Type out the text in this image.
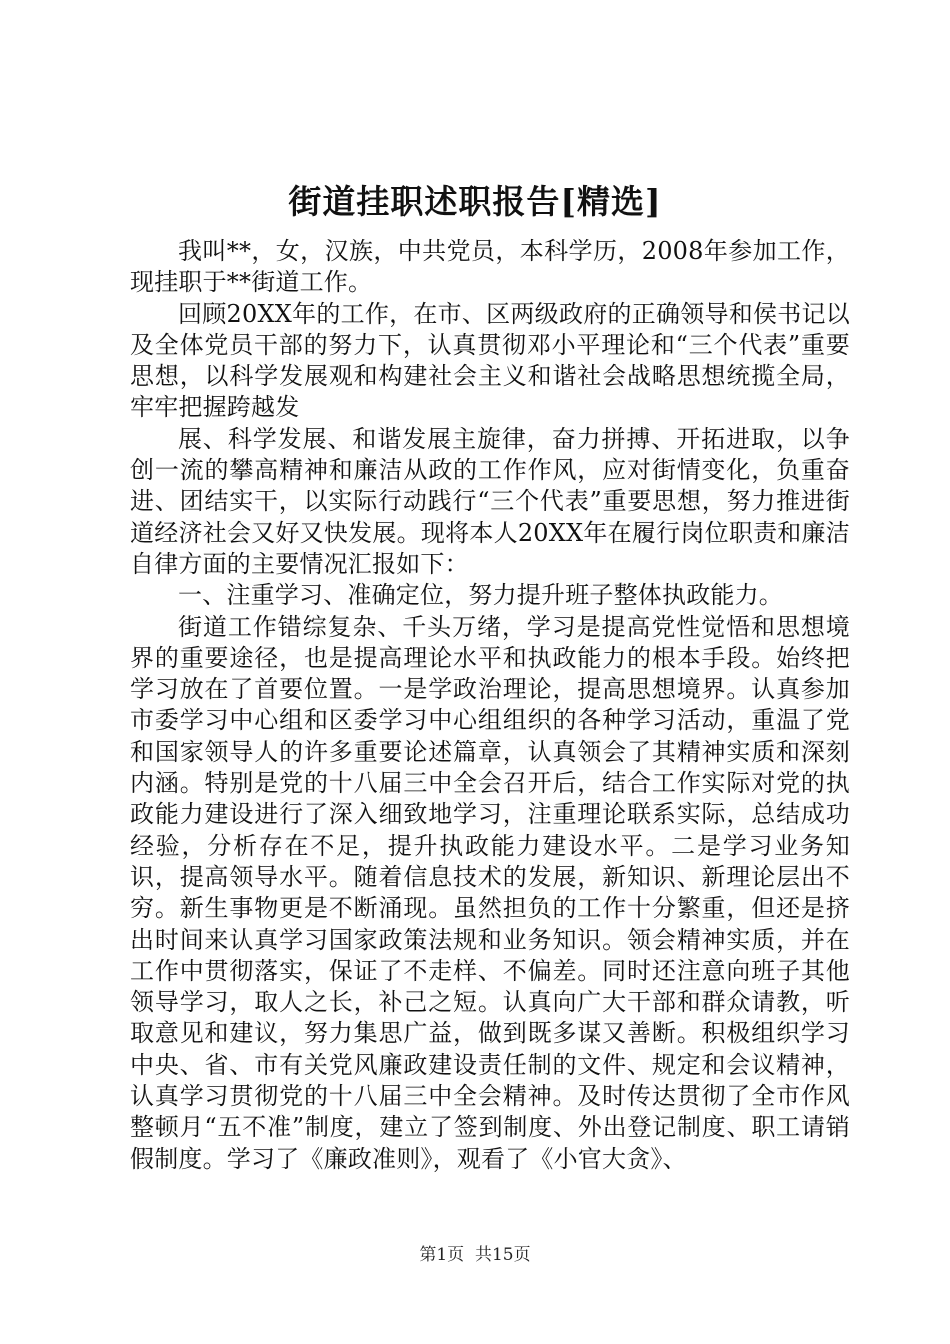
街道挂职述职报告[精选]

我叫**，女，汉族，中共党员，本科学历，2008年参加工作，现挂职于**街道工作。

回顾20XX年的工作，在市、区两级政府的正确领导和侯书记以及全体党员干部的努力下，认真贯彻邓小平理论和“三个代表”重要思想，以科学发展观和构建社会主义和谐社会战略思想统揽全局，牢牢把握跨越发

展、科学发展、和谐发展主旋律，奋力拼搏、开拓进取，以争创一流的攀高精神和廉洁从政的工作作风，应对街情变化，负重奋进、团结实干，以实际行动践行“三个代表”重要思想，努力推进街道经济社会又好又快发展。现将本人20XX年在履行岗位职责和廉洁自律方面的主要情况汇报如下：

一、注重学习、准确定位，努力提升班子整体执政能力。

街道工作错综复杂、千头万绪，学习是提高党性觉悟和思想境界的重要途径，也是提高理论水平和执政能力的根本手段。始终把学习放在了首要位置。一是学政治理论，提高思想境界。认真参加市委学习中心组和区委学习中心组组织的各种学习活动，重温了党和国家领导人的许多重要论述篇章，认真领会了其精神实质和深刻内涵。特别是党的十八届三中全会召开后，结合工作实际对党的执政能力建设进行了深入细致地学习，注重理论联系实际，总结成功经验，分析存在不足，提升执政能力建设水平。二是学习业务知识，提高领导水平。随着信息技术的发展，新知识、新理论层出不穷。新生事物更是不断涌现。虽然担负的工作十分繁重，但还是挤出时间来认真学习国家政策法规和业务知识。领会精神实质，并在工作中贯彻落实，保证了不走样、不偏差。同时还注意向班子其他领导学习，取人之长，补己之短。认真向广大干部和群众请教，听取意见和建议，努力集思广益，做到既多谋又善断。积极组织学习中央、省、市有关党风廉政建设责任制的文件、规定和会议精神，认真学习贯彻党的十八届三中全会精神。及时传达贯彻了全市作风整顿月“五不准”制度，建立了签到制度、外出登记制度、职工请销假制度。学习了《廉政准则》，观看了《小官大贪》、

第1页  共15页
